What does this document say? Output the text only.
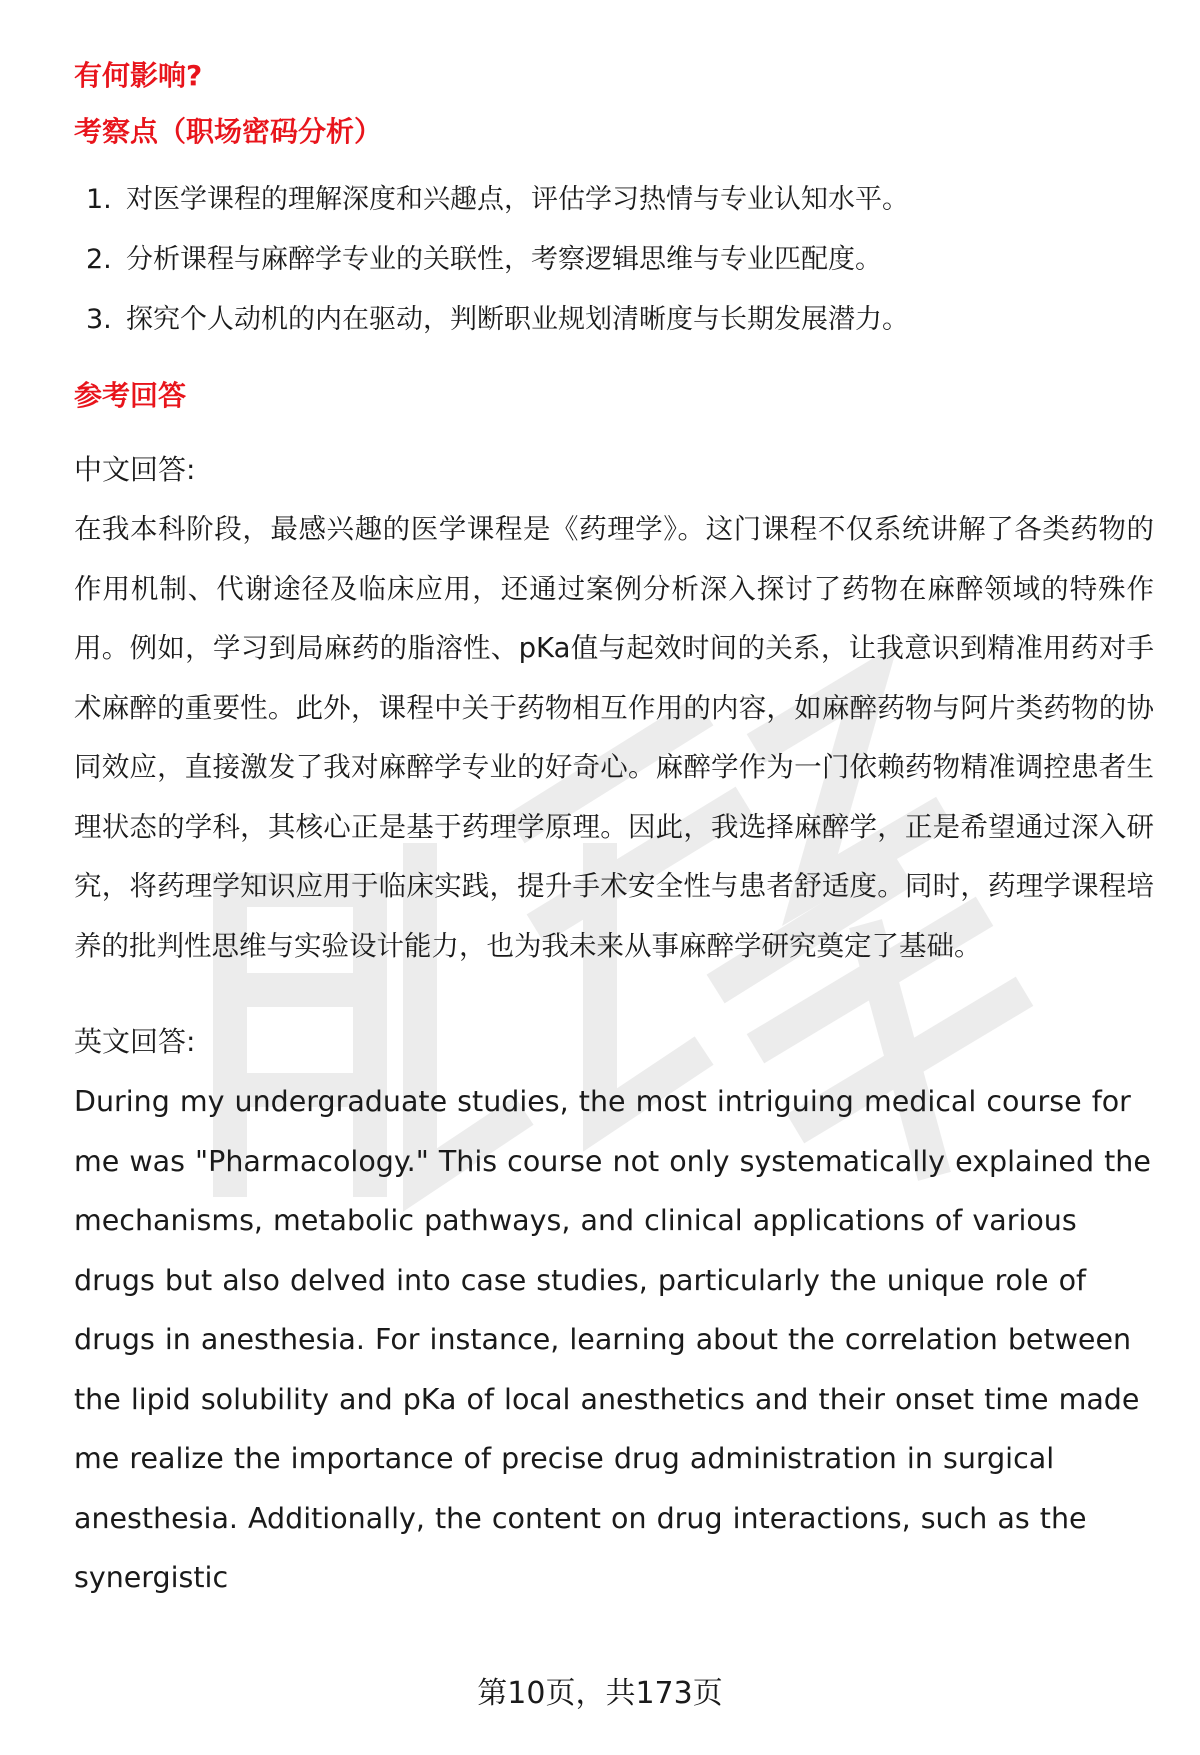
有何影响?
考察点（职场密码分析）
1. 对医学课程的理解深度和兴趣点，评估学习热情与专业认知水平。
2. 分析课程与麻醉学专业的关联性，考察逻辑思维与专业匹配度。
3. 探究个人动机的内在驱动，判断职业规划清晰度与长期发展潜力。
参考回答
中文回答:

在我本科阶段，最感兴趣的医学课程是《药理学》。这门课程不仅系统讲解了各类药物的作用机制、代谢途径及临床应用，还通过案例分析深入探讨了药物在麻醉领域的特殊作用。例如，学习到局麻药的脂溶性、pKa值与起效时间的关系，让我意识到精准用药对手术麻醉的重要性。此外，课程中关于药物相互作用的内容，如麻醉药物与阿片类药物的协同效应，直接激发了我对麻醉学专业的好奇心。麻醉学作为一门依赖药物精准调控患者生理状态的学科，其核心正是基于药理学原理。因此，我选择麻醉学，正是希望通过深入研究，将药理学知识应用于临床实践，提升手术安全性与患者舒适度。同时，药理学课程培养的批判性思维与实验设计能力，也为我未来从事麻醉学研究奠定了基础。

英文回答:

During my undergraduate studies, the most intriguing medical course for me was "Pharmacology." This course not only systematically explained the mechanisms, metabolic pathways, and clinical applications of various drugs but also delved into case studies, particularly the unique role of drugs in anesthesia. For instance, learning about the correlation between the lipid solubility and pKa of local anesthetics and their onset time made me realize the importance of precise drug administration in surgical anesthesia. Additionally, the content on drug interactions, such as the synergistic

第10页，共173页
